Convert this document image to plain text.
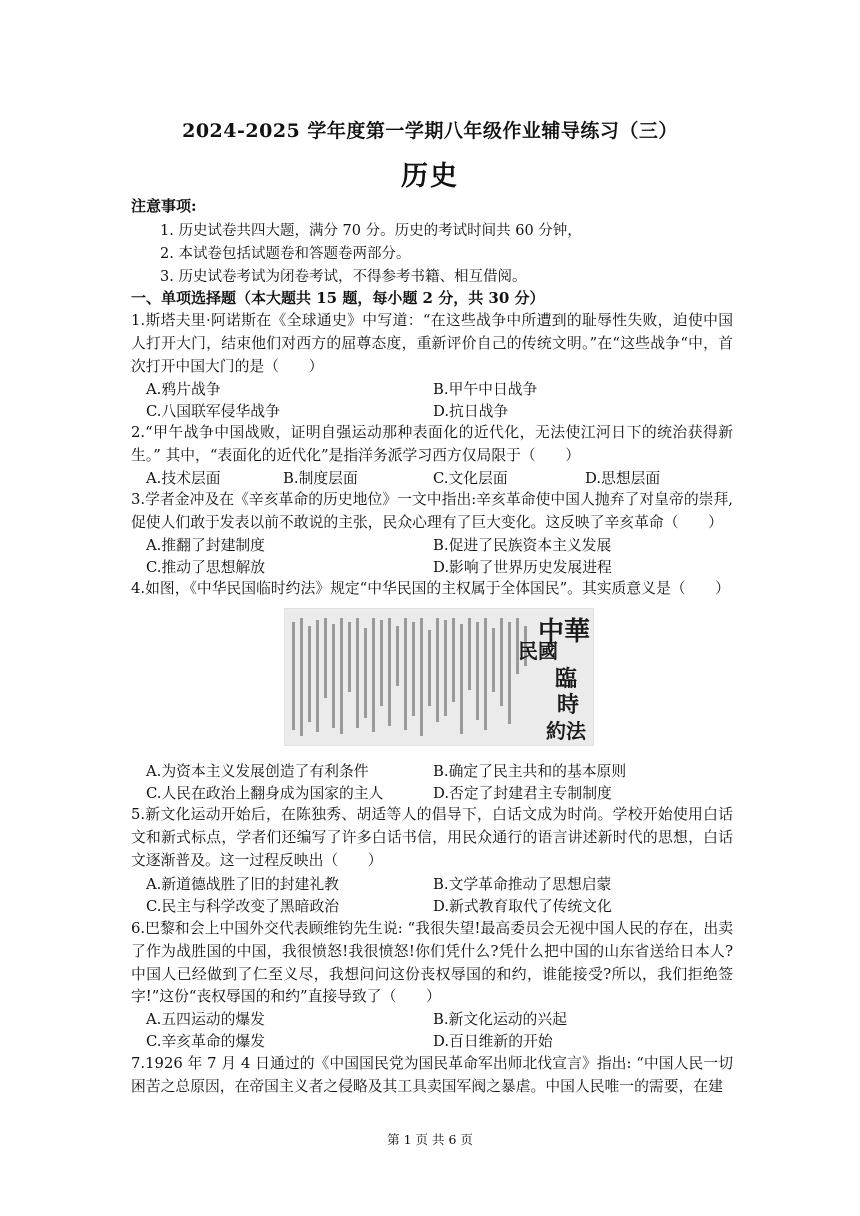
2024-2025 学年度第一学期八年级作业辅导练习（三）
历史
注意事项:
1. 历史试卷共四大题，满分 70 分。历史的考试时间共 60 分钟，
2. 本试卷包括试题卷和答题卷两部分。
3. 历史试卷考试为闭卷考试，不得参考书籍、相互借阅。
一、单项选择题（本大题共 15 题，每小题 2 分，共 30 分）
1.斯塔夫里·阿诺斯在《全球通史》中写道：“在这些战争中所遭到的耻辱性失败，迫使中国人打开大门，结束他们对西方的屈尊态度，重新评价自己的传统文明。”在“这些战争“中，首次打开中国大门的是（　　）
A.鸦片战争	B.甲午中日战争
C.八国联军侵华战争	D.抗日战争
2.“甲午战争中国战败，证明自强运动那种表面化的近代化，无法使江河日下的统治获得新生。” 其中，“表面化的近代化”是指洋务派学习西方仅局限于（　　）
A.技术层面	B.制度层面	C.文化层面	D.思想层面
3.学者金冲及在《辛亥革命的历史地位》一文中指出:辛亥革命使中国人抛弃了对皇帝的崇拜,促使人们敢于发表以前不敢说的主张，民众心理有了巨大变化。这反映了辛亥革命（　　）
A.推翻了封建制度	B.促进了民族资本主义发展
C.推动了思想解放	D.影响了世界历史发展进程
4.如图，《中华民国临时约法》规定“中华民国的主权属于全体国民”。其实质意义是（　　）
中華
民國
臨
時
約法
A.为资本主义发展创造了有利条件	B.确定了民主共和的基本原则
C.人民在政治上翻身成为国家的主人	D.否定了封建君主专制制度
5.新文化运动开始后，在陈独秀、胡适等人的倡导下，白话文成为时尚。学校开始使用白话文和新式标点，学者们还编写了许多白话书信，用民众通行的语言讲述新时代的思想，白话文逐渐普及。这一过程反映出（　　）
A.新道德战胜了旧的封建礼教	B.文学革命推动了思想启蒙
C.民主与科学改变了黑暗政治	D.新式教育取代了传统文化
6.巴黎和会上中国外交代表顾维钧先生说: “我很失望!最高委员会无视中国人民的存在，出卖了作为战胜国的中国，我很愤怒!我很愤怒!你们凭什么?凭什么把中国的山东省送给日本人?中国人已经做到了仁至义尽，我想问问这份丧权辱国的和约，谁能接受?所以，我们拒绝签字!”这份“丧权辱国的和约”直接导致了（　　）
A.五四运动的爆发	B.新文化运动的兴起
C.辛亥革命的爆发	D.百日维新的开始
7.1926 年 7 月 4 日通过的《中国国民党为国民革命军出师北伐宣言》指出: “中国人民一切困苦之总原因，在帝国主义者之侵略及其工具卖国军阀之暴虐。中国人民唯一的需要，在建
第 1 页 共 6 页
